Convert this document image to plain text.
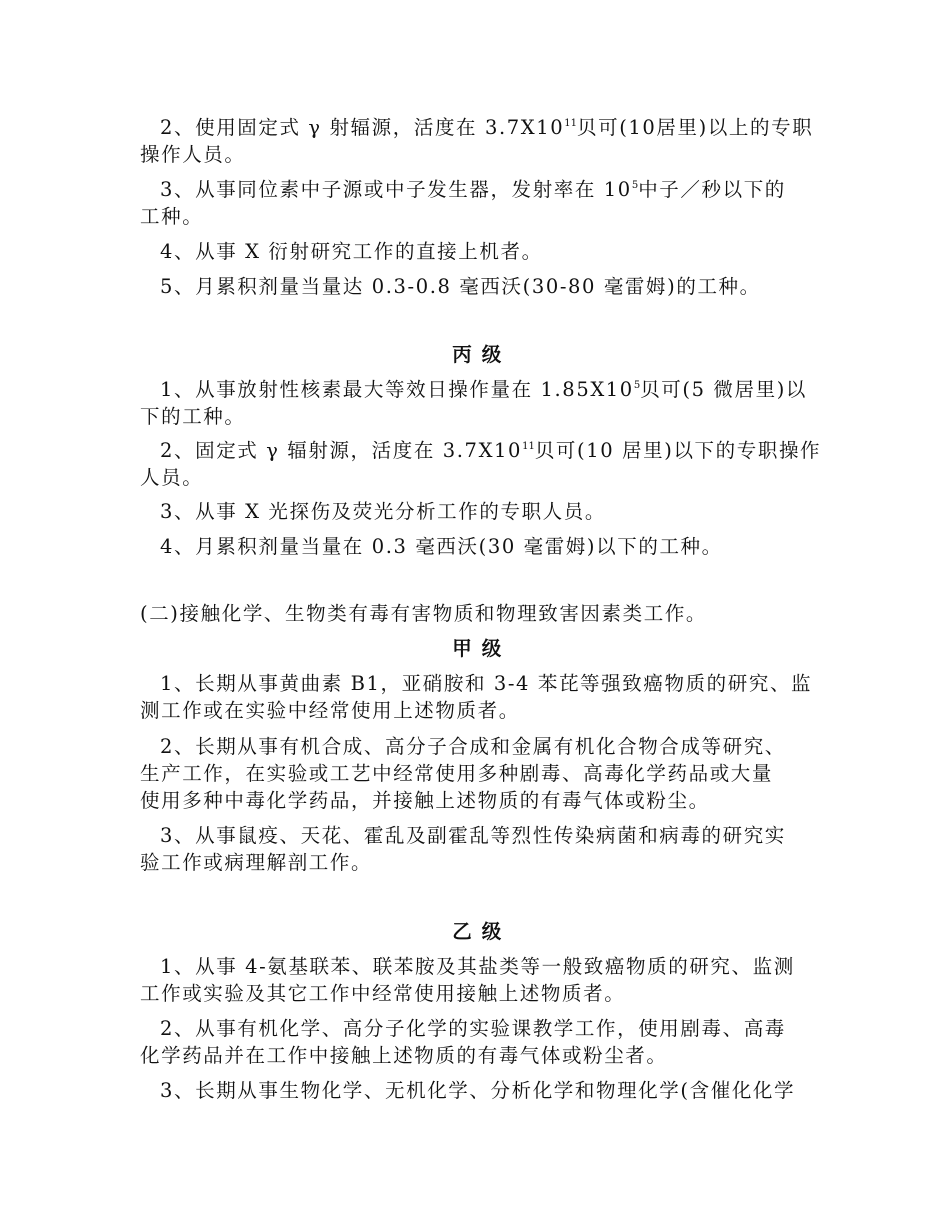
2、使用固定式 γ 射辐源，活度在 $3.7X10^{11}$贝可(10居里)以上的专职
操作人员。
3、从事同位素中子源或中子发生器，发射率在 $10^5$中子／秒以下的
工种。
4、从事 X 衍射研究工作的直接上机者。
5、月累积剂量当量达 0.3-0.8 毫西沃(30-80 毫雷姆)的工种。
丙 级
1、从事放射性核素最大等效日操作量在 $1.85X10^5$贝可(5 微居里)以
下的工种。
2、固定式 γ 辐射源，活度在 $3.7X10^{11}$贝可(10 居里)以下的专职操作
人员。
3、从事 X 光探伤及荧光分析工作的专职人员。
4、月累积剂量当量在 0.3 毫西沃(30 毫雷姆)以下的工种。
(二)接触化学、生物类有毒有害物质和物理致害因素类工作。
甲 级
1、长期从事黄曲素 B1，亚硝胺和 3-4 苯芘等强致癌物质的研究、监
测工作或在实验中经常使用上述物质者。
2、长期从事有机合成、高分子合成和金属有机化合物合成等研究、
生产工作，在实验或工艺中经常使用多种剧毒、高毒化学药品或大量
使用多种中毒化学药品，并接触上述物质的有毒气体或粉尘。
3、从事鼠疫、天花、霍乱及副霍乱等烈性传染病菌和病毒的研究实
验工作或病理解剖工作。
乙 级
1、从事 4-氨基联苯、联苯胺及其盐类等一般致癌物质的研究、监测
工作或实验及其它工作中经常使用接触上述物质者。
2、从事有机化学、高分子化学的实验课教学工作，使用剧毒、高毒
化学药品并在工作中接触上述物质的有毒气体或粉尘者。
3、长期从事生物化学、无机化学、分析化学和物理化学(含催化化学
